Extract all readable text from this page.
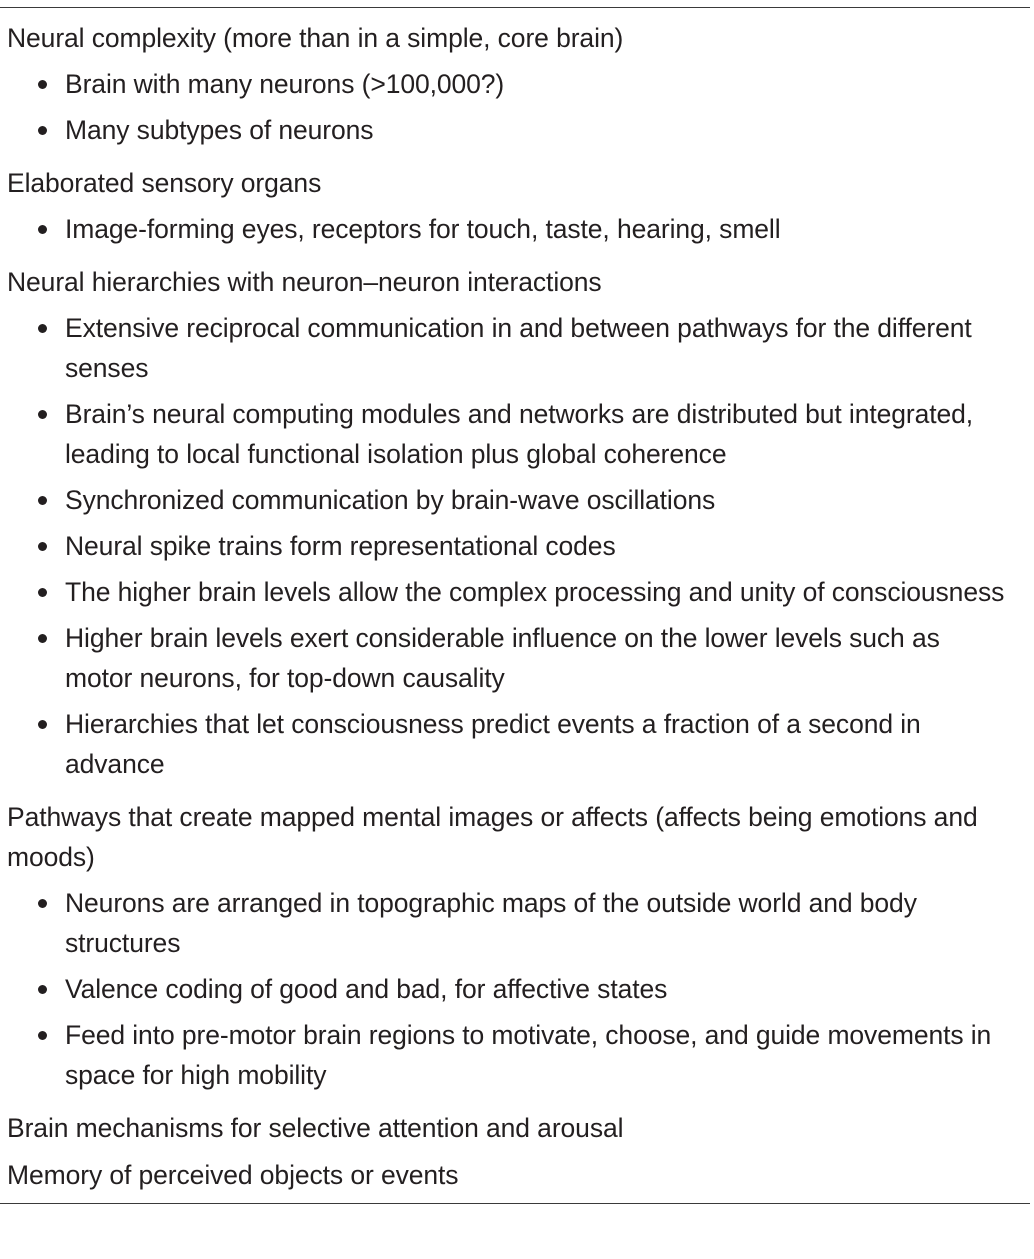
Neural complexity (more than in a simple, core brain)

Brain with many neurons (>100,000?)
Many subtypes of neurons

Elaborated sensory organs

Image-forming eyes, receptors for touch, taste, hearing, smell

Neural hierarchies with neuron–neuron interactions

Extensive reciprocal communication in and between pathways for the different senses
Brain’s neural computing modules and networks are distributed but integrated, leading to local functional isolation plus global coherence
Synchronized communication by brain-wave oscillations
Neural spike trains form representational codes
The higher brain levels allow the complex processing and unity of consciousness
Higher brain levels exert considerable influence on the lower levels such as motor neurons, for top-down causality
Hierarchies that let consciousness predict events a fraction of a second in advance

Pathways that create mapped mental images or affects (affects being emotions and moods)

Neurons are arranged in topographic maps of the outside world and body structures
Valence coding of good and bad, for affective states
Feed into pre-motor brain regions to motivate, choose, and guide movements in space for high mobility

Brain mechanisms for selective attention and arousal

Memory of perceived objects or events
